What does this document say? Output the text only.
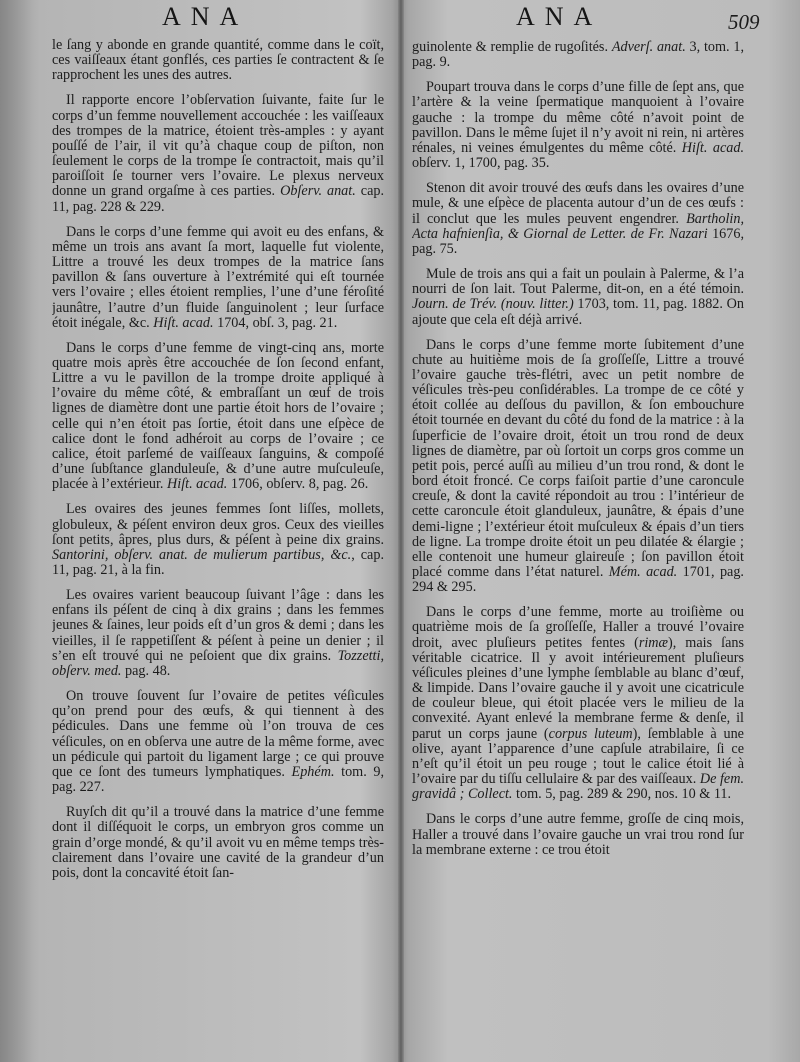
ANA	ANA	509

le ſang y abonde en grande quantité, comme dans le coït, ces vaiſſeaux étant gonflés, ces parties ſe contractent & ſe rapprochent les unes des autres.

Il rapporte encore l’obſervation ſuivante, faite ſur le corps d’un femme nouvellement accouchée : les vaiſſeaux des trompes de la matrice, étoient très-amples : y ayant pouſſé de l’air, il vit qu’à chaque coup de piſton, non ſeulement le corps de la trompe ſe contractoit, mais qu’il paroiſſoit ſe tourner vers l’ovaire. Le plexus nerveux donne un grand orgaſme à ces parties. Obſerv. anat. cap. 11, pag. 228 & 229.

Dans le corps d’une femme qui avoit eu des enfans, & même un trois ans avant ſa mort, laquelle fut violente, Littre a trouvé les deux trompes de la matrice ſans pavillon & ſans ouverture à l’extrémité qui eſt tournée vers l’ovaire ; elles étoient remplies, l’une d’une féroſité jaunâtre, l’autre d’un fluide ſanguinolent ; leur ſurface étoit inégale, &c. Hiſt. acad. 1704, obſ. 3, pag. 21.

Dans le corps d’une femme de vingt-cinq ans, morte quatre mois après être accouchée de ſon ſecond enfant, Littre a vu le pavillon de la trompe droite appliqué à l’ovaire du même côté, & embraſſant un œuf de trois lignes de diamètre dont une partie étoit hors de l’ovaire ; celle qui n’en étoit pas ſortie, étoit dans une eſpèce de calice dont le fond adhéroit au corps de l’ovaire ; ce calice, étoit parſemé de vaiſſeaux ſanguins, & compoſé d’une ſubſtance glanduleuſe, & d’une autre muſculeuſe, placée à l’extérieur. Hiſt. acad. 1706, obſerv. 8, pag. 26.

Les ovaires des jeunes femmes ſont liſſes, mollets, globuleux, & péſent environ deux gros. Ceux des vieilles ſont petits, âpres, plus durs, & péſent à peine dix grains. Santorini, obſerv. anat. de mulierum partibus, &c., cap. 11, pag. 21, à la fin.

Les ovaires varient beaucoup ſuivant l’âge : dans les enfans ils péſent de cinq à dix grains ; dans les femmes jeunes & ſaines, leur poids eſt d’un gros & demi ; dans les vieilles, il ſe rappetiſſent & péſent à peine un denier ; il s’en eſt trouvé qui ne peſoient que dix grains. Tozzetti, obſerv. med. pag. 48.

On trouve ſouvent ſur l’ovaire de petites véſicules qu’on prend pour des œufs, & qui tiennent à des pédicules. Dans une femme où l’on trouva de ces véſicules, on en obſerva une autre de la même forme, avec un pédicule qui partoit du ligament large ; ce qui prouve que ce ſont des tumeurs lymphatiques. Ephém. tom. 9, pag. 227.

Ruyſch dit qu’il a trouvé dans la matrice d’une femme dont il diſſéquoit le corps, un embryon gros comme un grain d’orge mondé, & qu’il avoit vu en même temps très-clairement dans l’ovaire une cavité de la grandeur d’un pois, dont la concavité étoit ſan-

guinolente & remplie de rugoſités. Adverſ. anat. 3, tom. 1, pag. 9.

Poupart trouva dans le corps d’une fille de ſept ans, que l’artère & la veine ſpermatique manquoient à l’ovaire gauche : la trompe du même côté n’avoit point de pavillon. Dans le même ſujet il n’y avoit ni rein, ni artères rénales, ni veines émulgentes du même côté. Hiſt. acad. obſerv. 1, 1700, pag. 35.

Stenon dit avoir trouvé des œufs dans les ovaires d’une mule, & une eſpèce de placenta autour d’un de ces œufs : il conclut que les mules peuvent engendrer. Bartholin, Acta hafnienſia, & Giornal de Letter. de Fr. Nazari 1676, pag. 75.

Mule de trois ans qui a fait un poulain à Palerme, & l’a nourri de ſon lait. Tout Palerme, dit-on, en a été témoin. Journ. de Trév. (nouv. litter.) 1703, tom. 11, pag. 1882. On ajoute que cela eſt déjà arrivé.

Dans le corps d’une femme morte ſubitement d’une chute au huitième mois de ſa groſſeſſe, Littre a trouvé l’ovaire gauche très-flétri, avec un petit nombre de véſicules très-peu conſidérables. La trompe de ce côté y étoit collée au deſſous du pavillon, & ſon embouchure étoit tournée en devant du côté du fond de la matrice : à la ſuperficie de l’ovaire droit, étoit un trou rond de deux lignes de diamètre, par où ſortoit un corps gros comme un petit pois, percé auſſi au milieu d’un trou rond, & dont le bord étoit froncé. Ce corps faiſoit partie d’une caroncule creuſe, & dont la cavité répondoit au trou : l’intérieur de cette caroncule étoit glanduleux, jaunâtre, & épais d’une demi-ligne ; l’extérieur étoit muſculeux & épais d’un tiers de ligne. La trompe droite étoit un peu dilatée & élargie ; elle contenoit une humeur glaireuſe ; ſon pavillon étoit placé comme dans l’état naturel. Mém. acad. 1701, pag. 294 & 295.

Dans le corps d’une femme, morte au troiſième ou quatrième mois de ſa groſſeſſe, Haller a trouvé l’ovaire droit, avec pluſieurs petites fentes (rimæ), mais ſans véritable cicatrice. Il y avoit intérieurement pluſieurs véſicules pleines d’une lymphe ſemblable au blanc d’œuf, & limpide. Dans l’ovaire gauche il y avoit une cicatricule de couleur bleue, qui étoit placée vers le milieu de la convexité. Ayant enlevé la membrane ferme & denſe, il parut un corps jaune (corpus luteum), ſemblable à une olive, ayant l’apparence d’une capſule atrabilaire, ſi ce n’eſt qu’il étoit un peu rouge ; tout le calice étoit lié à l’ovaire par du tiſſu cellulaire & par des vaiſſeaux. De fem. gravidâ ; Collect. tom. 5, pag. 289 & 290, nos. 10 & 11.

Dans le corps d’une autre femme, groſſe de cinq mois, Haller a trouvé dans l’ovaire gauche un vrai trou rond ſur la membrane externe : ce trou étoit
